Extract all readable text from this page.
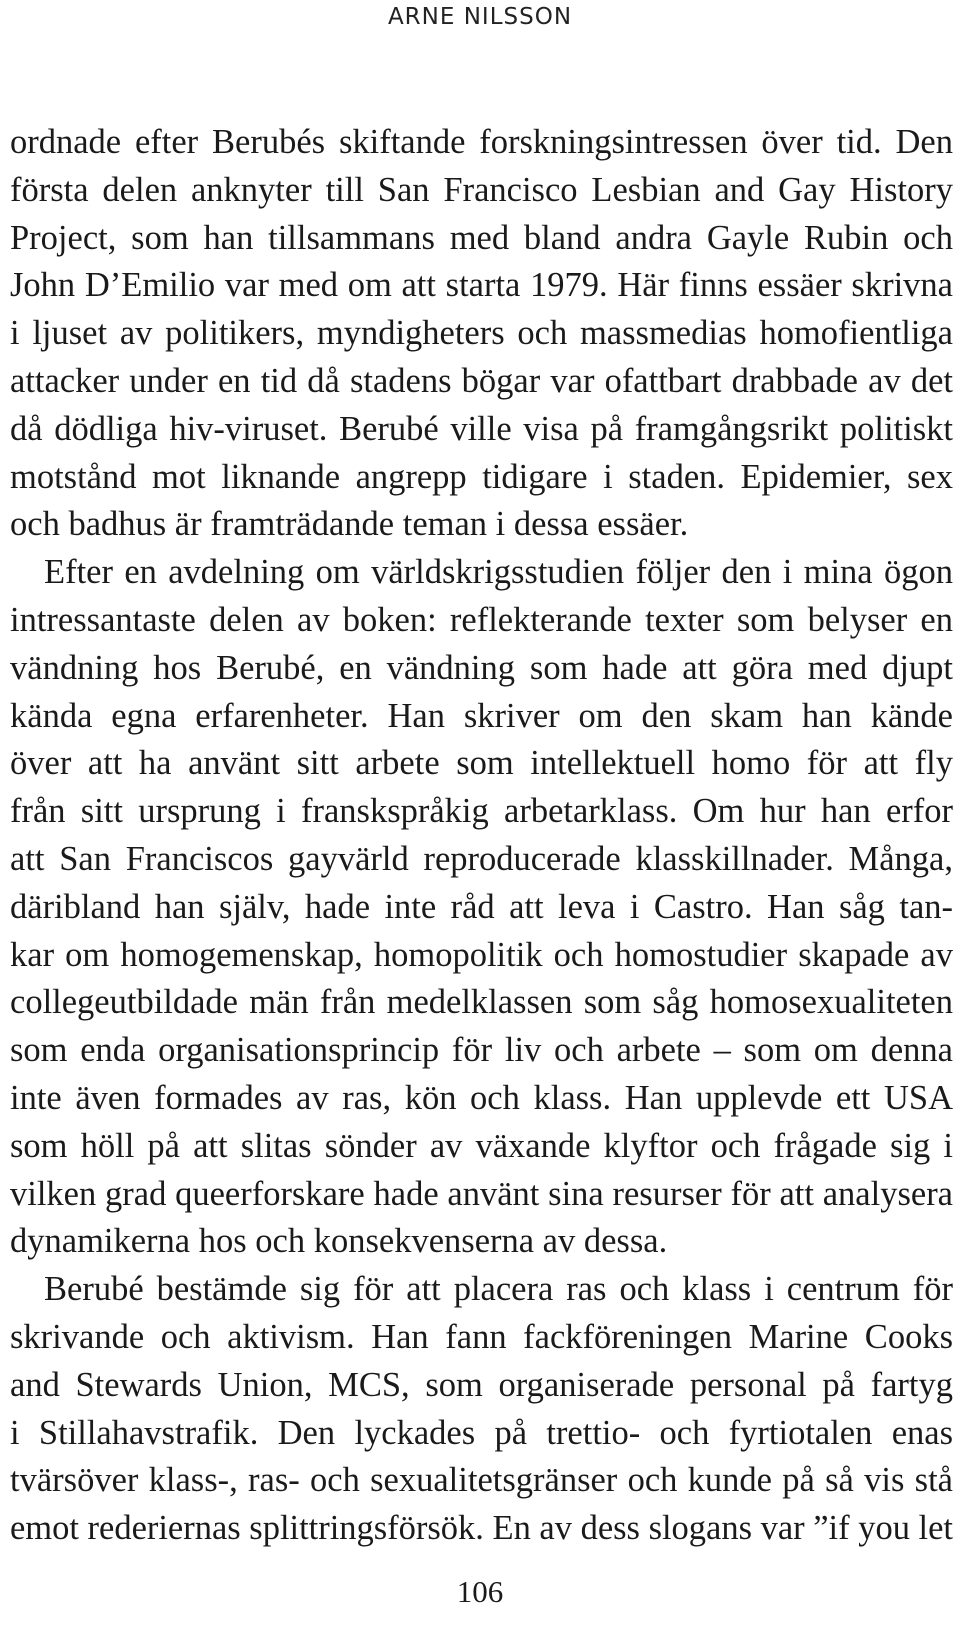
ARNE NILSSON
ordnade efter Berubés skiftande forskningsintressen över tid. Den
första delen anknyter till San Francisco Lesbian and Gay History
Project, som han tillsammans med bland andra Gayle Rubin och
John D’Emilio var med om att starta 1979. Här finns essäer skrivna
i ljuset av politikers, myndigheters och massmedias homofientliga
attacker under en tid då stadens bögar var ofattbart drabbade av det
då dödliga hiv-viruset. Berubé ville visa på framgångsrikt politiskt
motstånd mot liknande angrepp tidigare i staden. Epidemier, sex
och badhus är framträdande teman i dessa essäer.
Efter en avdelning om världskrigsstudien följer den i mina ögon
intressantaste delen av boken: reflekterande texter som belyser en
vändning hos Berubé, en vändning som hade att göra med djupt
kända egna erfarenheter. Han skriver om den skam han kände
över att ha använt sitt arbete som intellektuell homo för att fly
från sitt ursprung i franskspråkig arbetarklass. Om hur han erfor
att San Franciscos gayvärld reproducerade klasskillnader. Många,
däribland han själv, hade inte råd att leva i Castro. Han såg tan-
kar om homogemenskap, homopolitik och homostudier skapade av
collegeutbildade män från medelklassen som såg homosexualiteten
som enda organisationsprincip för liv och arbete – som om denna
inte även formades av ras, kön och klass. Han upplevde ett USA
som höll på att slitas sönder av växande klyftor och frågade sig i
vilken grad queerforskare hade använt sina resurser för att analysera
dynamikerna hos och konsekvenserna av dessa.
Berubé bestämde sig för att placera ras och klass i centrum för
skrivande och aktivism. Han fann fackföreningen Marine Cooks
and Stewards Union, MCS, som organiserade personal på fartyg
i Stillahavstrafik. Den lyckades på trettio- och fyrtiotalen enas
tvärsöver klass-, ras- och sexualitetsgränser och kunde på så vis stå
emot rederiernas splittringsförsök. En av dess slogans var ”if you let
106
